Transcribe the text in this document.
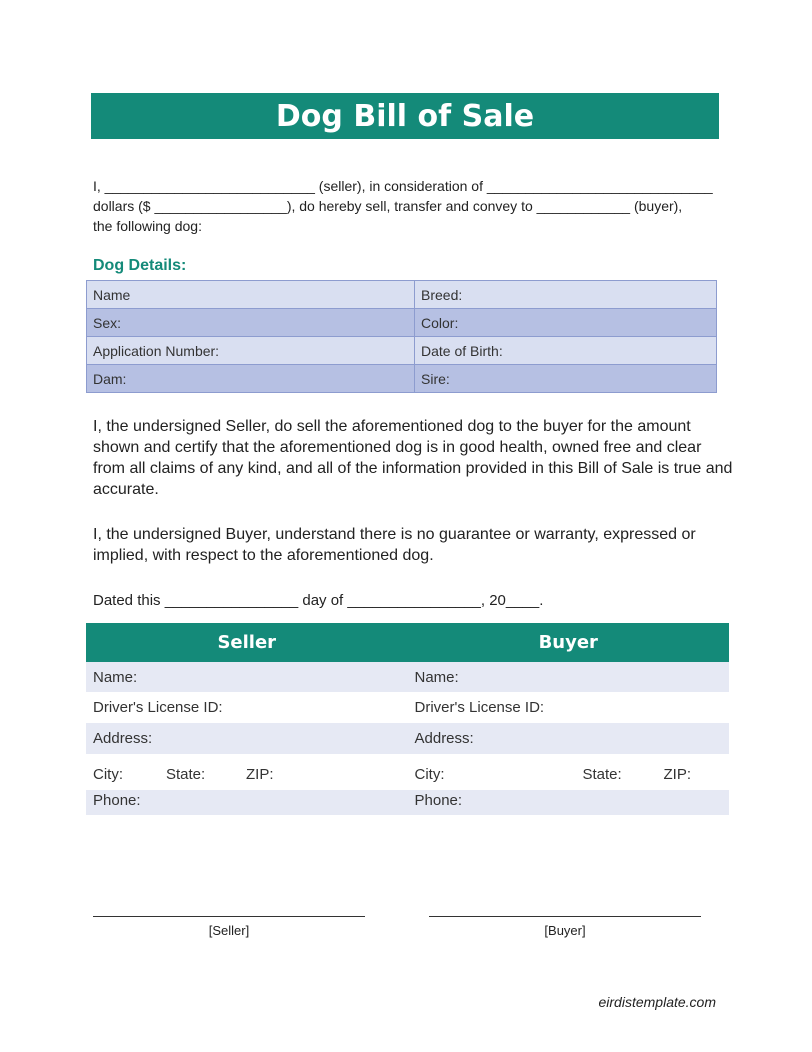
Dog Bill of Sale

I, ___________________________ (seller), in consideration of _____________________________

dollars ($ _________________), do hereby sell, transfer and convey to ____________ (buyer),

the following dog:

Dog Details:
Name	Breed:
Sex:	Color:
Application Number:	Date of Birth:
Dam:	Sire:

I, the undersigned Seller, do sell the aforementioned dog to the buyer for the amount shown and certify that the aforementioned dog is in good health, owned free and clear from all claims of any kind, and all of the information provided in this Bill of Sale is true and accurate.

I, the undersigned Buyer, understand there is no guarantee or warranty, expressed or implied, with respect to the aforementioned dog.

Dated this ________________ day of ________________, 20____.

Seller	Buyer
Name:	Name:
Driver's License ID:	Driver's License ID:
Address:	Address:
City:	State:	ZIP:	City:	State:	ZIP:
Phone:	Phone:
[Seller]	[Buyer]
eirdistemplate.com
